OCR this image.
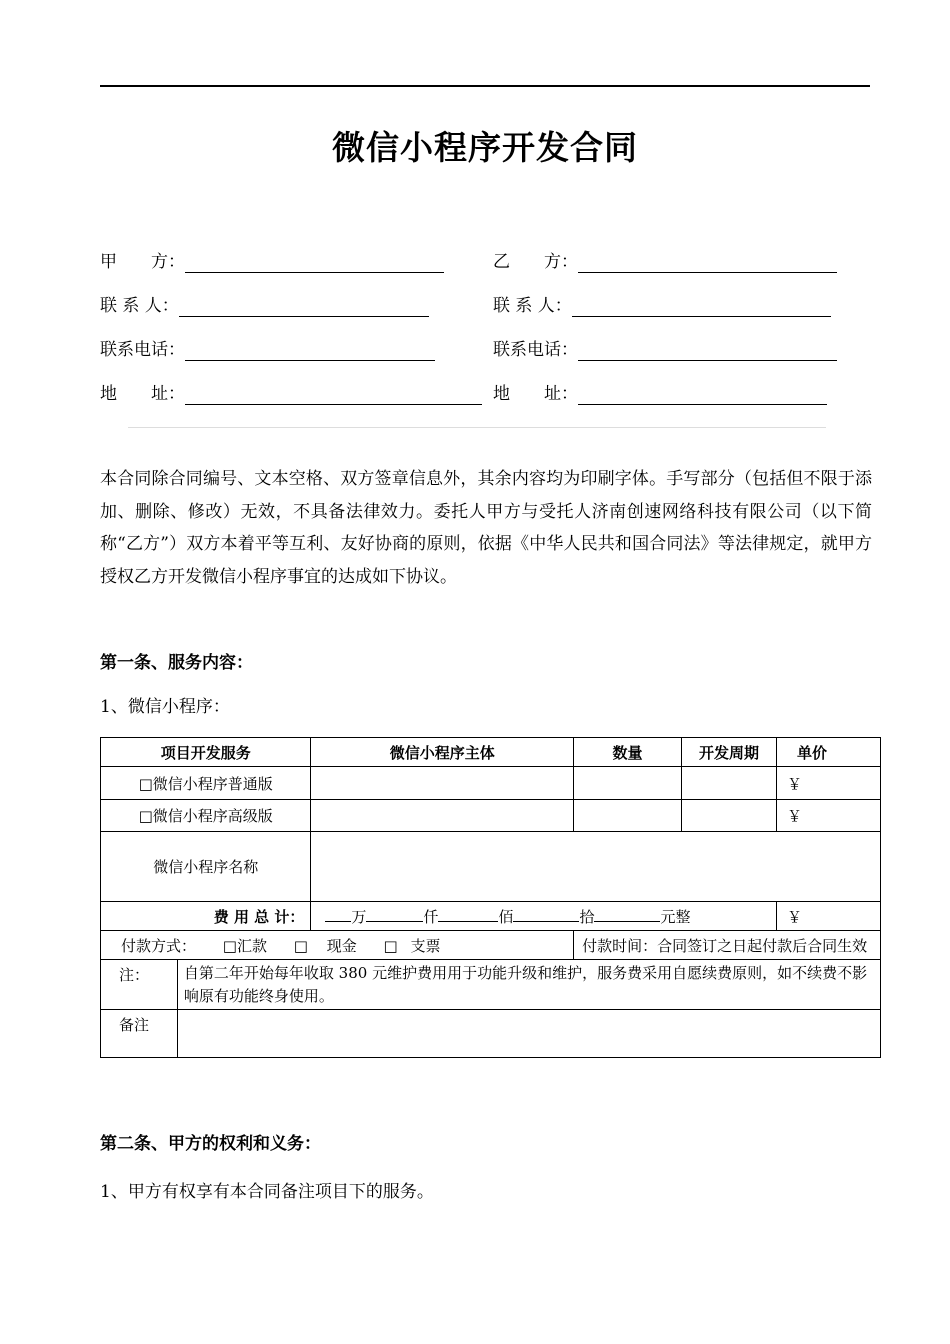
微信小程序开发合同
甲　　方：	乙　　方：
联 系 人：	联 系 人：
联系电话：	联系电话：
地　　址：	地　　址：
本合同除合同编号、文本空格、双方签章信息外，其余内容均为印刷字体。手写部分（包括但不限于添加、删除、修改）无效，不具备法律效力。委托人甲方与受托人济南创速网络科技有限公司（以下简称“乙方”）双方本着平等互利、友好协商的原则，依据《中华人民共和国合同法》等法律规定，就甲方授权乙方开发微信小程序事宜的达成如下协议。
第一条、服务内容：
1、微信小程序：
项目开发服务		微信小程序主体	数量	开发周期	单价
□微信小程序普通版					￥
□微信小程序高级版					￥
微信小程序名称					
费 用 总 计：		万 仟 佰 拾 元整			￥
付款方式： □汇款 □ 现金 □ 支票			付款时间：合同签订之日起付款后合同生效		
注：	自第二年开始每年收取 380 元维护费用用于功能升级和维护，服务费采用自愿续费原则，如不续费不影响原有功能终身使用。				
备注					
第二条、甲方的权利和义务：
1、甲方有权享有本合同备注项目下的服务。
